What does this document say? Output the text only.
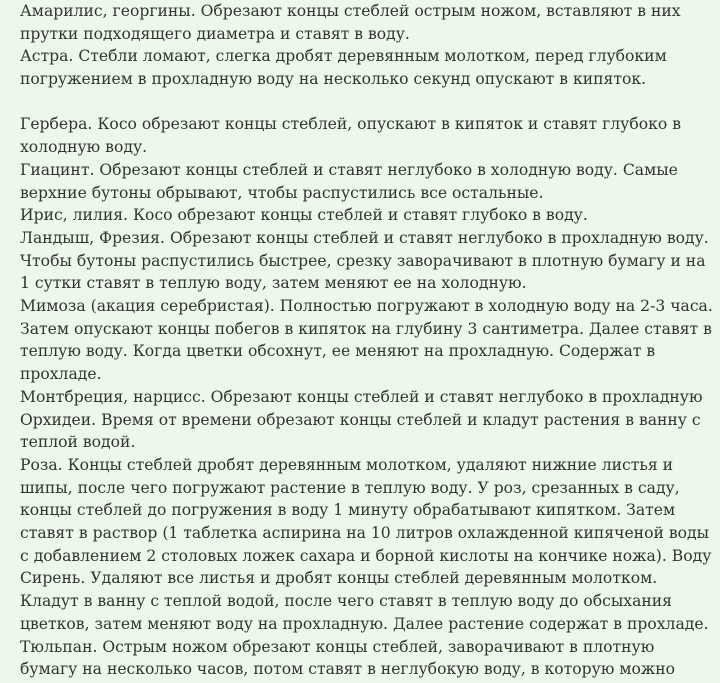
Амарилис, георгины. Обрезают концы стеблей острым ножом, вставляют в них прутки подходящего диаметра и ставят в воду.

Астра. Стебли ломают, слегка дробят деревянным молотком, перед глубоким погружением в прохладную воду на несколько секунд опускают в кипяток.

Гербера. Косо обрезают концы стеблей, опускают в кипяток и ставят глубоко в холодную воду.

Гиацинт. Обрезают концы стеблей и ставят неглубоко в холодную воду. Самые верхние бутоны обрывают, чтобы распустились все остальные.

Ирис, лилия. Косо обрезают концы стеблей и ставят глубоко в воду.

Ландыш, Фрезия. Обрезают концы стеблей и ставят неглубоко в прохладную воду. Чтобы бутоны распустились быстрее, срезку заворачивают в плотную бумагу и на 1 сутки ставят в теплую воду, затем меняют ее на холодную.

Мимоза (акация серебристая). Полностью погружают в холодную воду на 2-3 часа. Затем опускают концы побегов в кипяток на глубину 3 сантиметра. Далее ставят в теплую воду. Когда цветки обсохнут, ее меняют на прохладную. Содержат в прохладе.

Монтбреция, нарцисс. Обрезают концы стеблей и ставят неглубоко в прохладную

Орхидеи. Время от времени обрезают концы стеблей и кладут растения в ванну с теплой водой.

Роза. Концы стеблей дробят деревянным молотком, удаляют нижние листья и шипы, после чего погружают растение в теплую воду. У роз, срезанных в саду, концы стеблей до погружения в воду 1 минуту обрабатывают кипятком. Затем ставят в раствор (1 таблетка аспирина на 10 литров охлажденной кипяченой воды с добавлением 2 столовых ложек сахара и борной кислоты на кончике ножа). Воду

Сирень. Удаляют все листья и дробят концы стеблей деревянным молотком. Кладут в ванну с теплой водой, после чего ставят в теплую воду до обсыхания цветков, затем меняют воду на прохладную. Далее растение содержат в прохладе.

Тюльпан. Острым ножом обрезают концы стеблей, заворачивают в плотную бумагу на несколько часов, потом ставят в неглубокую воду, в которую можно
